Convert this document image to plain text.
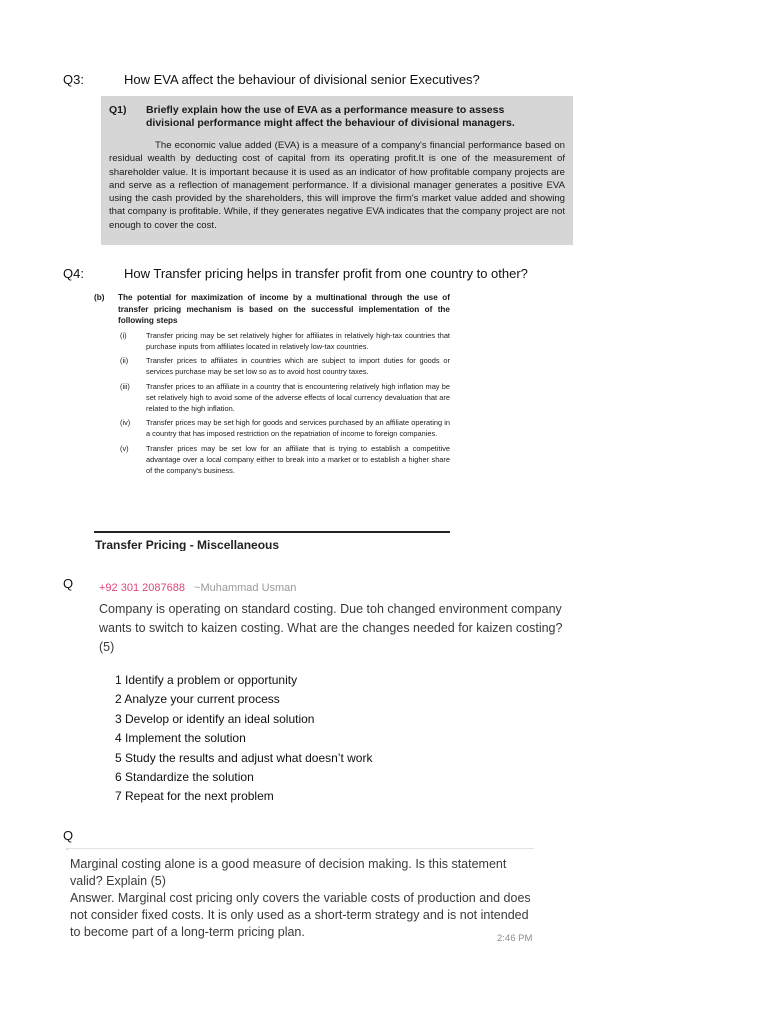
Q3:	How EVA affect the behaviour of divisional senior Executives?
Q1)	Briefly explain how the use of EVA as a performance measure to assess
divisional performance might affect the behaviour of divisional managers.
The economic value added (EVA) is a measure of a company's financial performance based on residual wealth by deducting cost of capital from its operating profit.It is one of the measurement of shareholder value. It is important because it is used as an indicator of how profitable company projects are and serve as a reflection of management performance. If a divisional manager generates a positive EVA using the cash provided by the shareholders, this will improve the firm's market value added and showing that company is profitable. While, if they generates negative EVA indicates that the company project are not enough to cover the cost.
Q4:	How Transfer pricing helps in transfer profit from one country to other?
(b)	The potential for maximization of income by a multinational through the use of transfer pricing mechanism is based on the successful implementation of the following steps
(i)	Transfer pricing may be set relatively higher for affiliates in relatively high-tax countries that purchase inputs from affiliates located in relatively low-tax countries.
(ii)	Transfer prices to affiliates in countries which are subject to import duties for goods or services purchase may be set low so as to avoid host country taxes.
(iii)	Transfer prices to an affiliate in a country that is encountering relatively high inflation may be set relatively high to avoid some of the adverse effects of local currency devaluation that are related to the high inflation.
(iv)	Transfer prices may be set high for goods and services purchased by an affiliate operating in a country that has imposed restriction on the repatriation of income to foreign companies.
(v)	Transfer prices may be set low for an affiliate that is trying to establish a competitive advantage over a local company either to break into a market or to establish a higher share of the company's business.
Transfer Pricing - Miscellaneous
Q +92 301 2087688 ~Muhammad Usman
Company is operating on standard costing. Due toh changed environment company wants to switch to kaizen costing. What are the changes needed for kaizen costing? (5)
1 Identify a problem or opportunity
2 Analyze your current process
3 Develop or identify an ideal solution
4 Implement the solution
5 Study the results and adjust what doesn’t work
6 Standardize the solution
7 Repeat for the next problem
Q
Marginal costing alone is a good measure of decision making. Is this statement valid? Explain (5)
Answer. Marginal cost pricing only covers the variable costs of production and does not consider fixed costs. It is only used as a short-term strategy and is not intended to become part of a long-term pricing plan.	2:46 PM
